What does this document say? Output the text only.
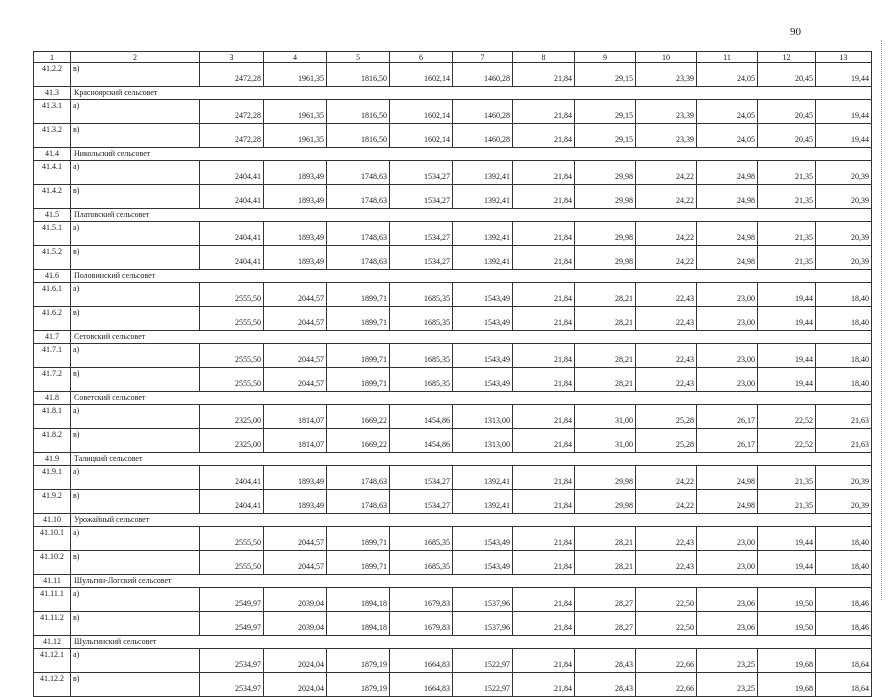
90
1	2	3	4	5	6	7	8	9	10	11	12	13
41.2.2	в)	2472,28	1961,35	1816,50	1602,14	1460,28	21,84	29,15	23,39	24,05	20,45	19,44
41.3	Красноярский сельсовет											
41.3.1	а)	2472,28	1961,35	1816,50	1602,14	1460,28	21,84	29,15	23,39	24,05	20,45	19,44
41.3.2	в)	2472,28	1961,35	1816,50	1602,14	1460,28	21,84	29,15	23,39	24,05	20,45	19,44
41.4	Никольский сельсовет											
41.4.1	а)	2404,41	1893,49	1748,63	1534,27	1392,41	21,84	29,98	24,22	24,98	21,35	20,39
41.4.2	в)	2404,41	1893,49	1748,63	1534,27	1392,41	21,84	29,98	24,22	24,98	21,35	20,39
41.5	Платовский сельсовет											
41.5.1	а)	2404,41	1893,49	1748,63	1534,27	1392,41	21,84	29,98	24,22	24,98	21,35	20,39
41.5.2	в)	2404,41	1893,49	1748,63	1534,27	1392,41	21,84	29,98	24,22	24,98	21,35	20,39
41.6	Половинский сельсовет											
41.6.1	а)	2555,50	2044,57	1899,71	1685,35	1543,49	21,84	28,21	22,43	23,00	19,44	18,40
41.6.2	в)	2555,50	2044,57	1899,71	1685,35	1543,49	21,84	28,21	22,43	23,00	19,44	18,40
41.7	Сетовский сельсовет											
41.7.1	а)	2555,50	2044,57	1899,71	1685,35	1543,49	21,84	28,21	22,43	23,00	19,44	18,40
41.7.2	в)	2555,50	2044,57	1899,71	1685,35	1543,49	21,84	28,21	22,43	23,00	19,44	18,40
41.8	Советский сельсовет											
41.8.1	а)	2325,00	1814,07	1669,22	1454,86	1313,00	21,84	31,00	25,28	26,17	22,52	21,63
41.8.2	в)	2325,00	1814,07	1669,22	1454,86	1313,00	21,84	31,00	25,28	26,17	22,52	21,63
41.9	Талицкий сельсовет											
41.9.1	а)	2404,41	1893,49	1748,63	1534,27	1392,41	21,84	29,98	24,22	24,98	21,35	20,39
41.9.2	в)	2404,41	1893,49	1748,63	1534,27	1392,41	21,84	29,98	24,22	24,98	21,35	20,39
41.10	Урожайный сельсовет											
41.10.1	а)	2555,50	2044,57	1899,71	1685,35	1543,49	21,84	28,21	22,43	23,00	19,44	18,40
41.10.2	в)	2555,50	2044,57	1899,71	1685,35	1543,49	21,84	28,21	22,43	23,00	19,44	18,40
41.11	Шульгин-Логский сельсовет											
41.11.1	а)	2549,97	2039,04	1894,18	1679,83	1537,96	21,84	28,27	22,50	23,06	19,50	18,46
41.11.2	в)	2549,97	2039,04	1894,18	1679,83	1537,96	21,84	28,27	22,50	23,06	19,50	18,46
41.12	Шульгинский сельсовет											
41.12.1	а)	2534,97	2024,04	1879,19	1664,83	1522,97	21,84	28,43	22,66	23,25	19,68	18,64
41.12.2	в)	2534,97	2024,04	1879,19	1664,83	1522,97	21,84	28,43	22,66	23,25	19,68	18,64
